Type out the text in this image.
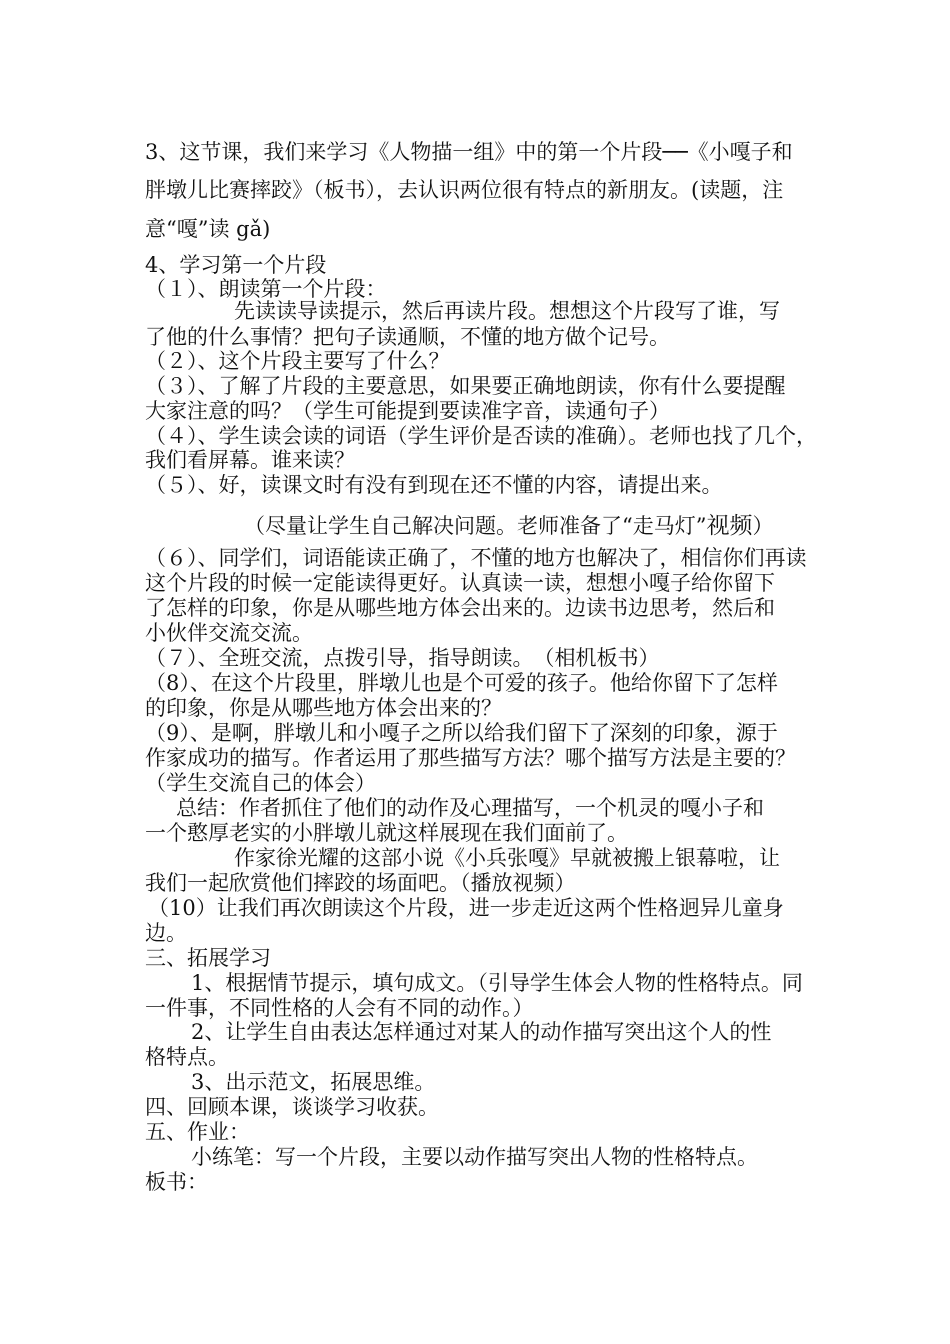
3、这节课，我们来学习《人物描一组》中的第一个片段──《小嘎子和
胖墩儿比赛摔跤》（板书），去认识两位很有特点的新朋友。(读题，注
意“嘎”读 gǎ)
4、学习第一个片段
（１）、朗读第一个片段：
先读读导读提示，然后再读片段。想想这个片段写了谁，写
了他的什么事情？把句子读通顺，不懂的地方做个记号。
（２）、这个片段主要写了什么？
（３）、了解了片段的主要意思，如果要正确地朗读，你有什么要提醒
大家注意的吗？（学生可能提到要读准字音，读通句子）
（４）、学生读会读的词语（学生评价是否读的准确）。老师也找了几个，
我们看屏幕。谁来读？
（５）、好，读课文时有没有到现在还不懂的内容，请提出来。
（尽量让学生自己解决问题。老师准备了“走马灯”视频）
（６）、同学们，词语能读正确了，不懂的地方也解决了，相信你们再读
这个片段的时候一定能读得更好。认真读一读，想想小嘎子给你留下
了怎样的印象，你是从哪些地方体会出来的。边读书边思考，然后和
小伙伴交流交流。
（７）、全班交流，点拨引导，指导朗读。　（相机板书）
（8）、在这个片段里，胖墩儿也是个可爱的孩子。他给你留下了怎样
的印象，你是从哪些地方体会出来的？
（9）、是啊，胖墩儿和小嘎子之所以给我们留下了深刻的印象，源于
作家成功的描写。作者运用了那些描写方法？哪个描写方法是主要的？
（学生交流自己的体会）
总结：作者抓住了他们的动作及心理描写，一个机灵的嘎小子和
一个憨厚老实的小胖墩儿就这样展现在我们面前了。
作家徐光耀的这部小说《小兵张嘎》早就被搬上银幕啦，让
我们一起欣赏他们摔跤的场面吧。（播放视频）
（10）让我们再次朗读这个片段，进一步走近这两个性格迥异儿童身
边。
三、拓展学习
1、根据情节提示，填句成文。（引导学生体会人物的性格特点。同
一件事，不同性格的人会有不同的动作。）
2、让学生自由表达怎样通过对某人的动作描写突出这个人的性
格特点。
3、出示范文，拓展思维。
四、回顾本课，谈谈学习收获。
五、作业：
小练笔：写一个片段，主要以动作描写突出人物的性格特点。
板书：
